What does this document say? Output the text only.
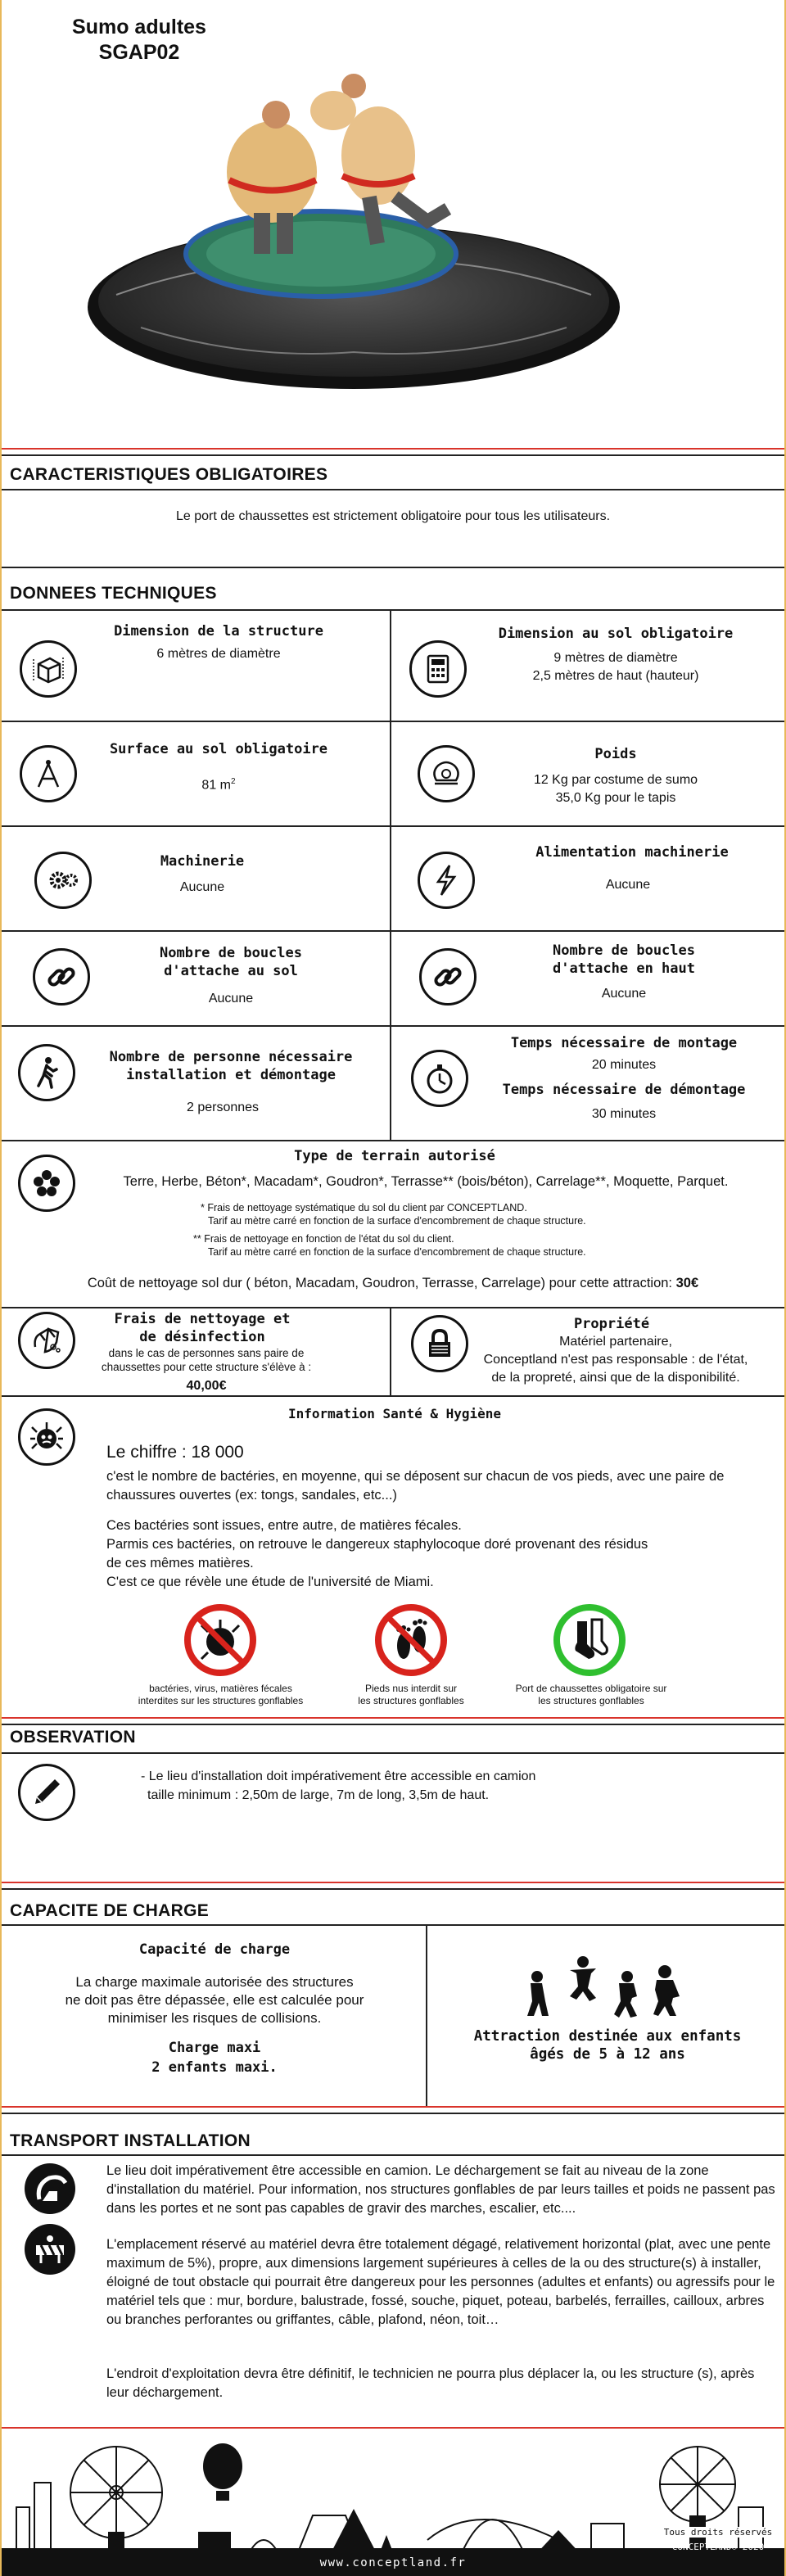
Sumo adultes
SGAP02
CARACTERISTIQUES OBLIGATOIRES
Le port de chaussettes est strictement obligatoire pour tous les utilisateurs.
DONNEES TECHNIQUES
Dimension de la structure
6 mètres de diamètre
Dimension au sol obligatoire
9 mètres de diamètre
2,5 mètres de haut (hauteur)
Surface au sol obligatoire
81 $m^2$
Poids
12 Kg par costume de sumo
35,0 Kg pour le tapis
Machinerie
Aucune
Alimentation machinerie
Aucune
Nombre de boucles
d'attache au sol
Aucune
Nombre de boucles
d'attache en haut
Aucune
Nombre de personne nécessaire
installation et démontage
2 personnes
Temps nécessaire de montage
20 minutes
Temps nécessaire de démontage
30 minutes
Type de terrain autorisé
Terre, Herbe, Béton*, Macadam*, Goudron*, Terrasse** (bois/béton), Carrelage**, Moquette, Parquet.
* Frais de nettoyage systématique du sol du client par CONCEPTLAND.
Tarif au mètre carré en fonction de la surface d'encombrement de chaque structure.
** Frais de nettoyage en fonction de l'état du sol du client.
Tarif au mètre carré en fonction de la surface d'encombrement de chaque structure.
Coût de nettoyage sol dur ( béton, Macadam, Goudron, Terrasse, Carrelage) pour cette attraction: 30€
Frais de nettoyage et
de désinfection
dans le cas de personnes sans paire de
chaussettes pour cette structure s'élève à :
40,00€
Propriété
Matériel partenaire,
Conceptland n'est pas responsable : de l'état,
de la propreté, ainsi que de la disponibilité.
Information Santé & Hygiène
Le chiffre : 18 000
c'est le nombre de bactéries, en moyenne, qui se déposent sur chacun de vos pieds, avec une paire de
chaussures ouvertes (ex: tongs, sandales, etc...)
Ces bactéries sont issues, entre autre, de matières fécales.
Parmis ces bactéries, on retrouve le dangereux staphylocoque doré provenant des résidus
de ces mêmes matières.
C'est ce que révèle une étude de l'université de Miami.
bactéries, virus, matières fécales
interdites sur les structures gonflables
Pieds nus interdit sur
les structures gonflables
Port de chaussettes obligatoire sur
les structures gonflables
OBSERVATION
- Le lieu d'installation doit impérativement être accessible en camion
taille minimum : 2,50m de large, 7m de long, 3,5m de haut.
CAPACITE DE CHARGE
Capacité de charge
La charge maximale autorisée des structures
ne doit pas être dépassée, elle est calculée pour
minimiser les risques de collisions.
Charge maxi
2 enfants maxi.
Attraction destinée aux enfants
âgés de 5 à 12 ans
TRANSPORT INSTALLATION
Le lieu doit impérativement être accessible en camion. Le déchargement se fait au niveau de la zone d'installation du matériel. Pour information, nos structures gonflables de par leurs tailles et poids ne passent pas dans les portes et ne sont pas capables de gravir des marches, escalier, etc....
L'emplacement réservé au matériel devra être totalement dégagé, relativement horizontal (plat, avec une pente maximum de 5%), propre, aux dimensions largement supérieures à celles de la ou des structure(s) à installer, éloigné de tout obstacle qui pourrait être dangereux pour les personnes (adultes et enfants) ou agressifs pour le matériel tels que : mur, bordure, balustrade, fossé, souche, piquet, poteau, barbelés, ferrailles, cailloux, arbres ou branches perforantes ou griffantes, câble, plafond, néon, toit…
L'endroit d'exploitation devra être définitif, le technicien ne pourra plus déplacer la, ou les structure (s), après leur déchargement.
www.conceptland.fr
Tous droits réservés
CONCEPTLAND© 2020
